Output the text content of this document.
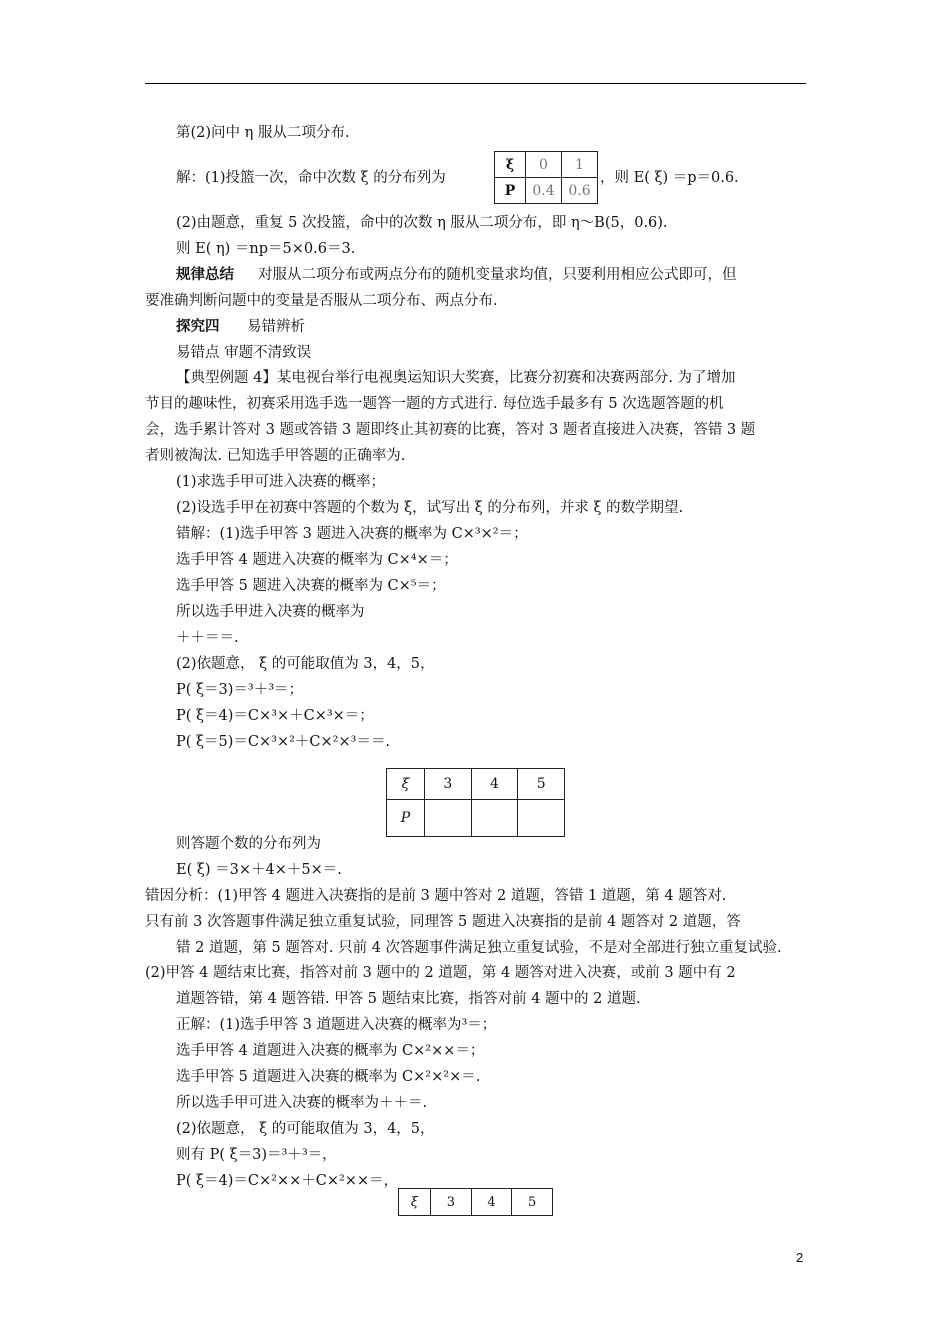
第(2)问中 η 服从二项分布.
解：(1)投篮一次，命中次数 ξ 的分布列为
ξ	0	1
P	0.4	0.6
，则 E( ξ) ＝p＝0.6.
(2)由题意，重复 5 次投篮，命中的次数 η 服从二项分布，即 η～B(5，0.6).
则 E( η) ＝np＝5×0.6＝3.
规律总结 对服从二项分布或两点分布的随机变量求均值，只要利用相应公式即可，但
要准确判断问题中的变量是否服从二项分布、两点分布.
探究四 易错辨析
易错点 审题不清致误
【典型例题 4】某电视台举行电视奥运知识大奖赛，比赛分初赛和决赛两部分. 为了增加
节目的趣味性，初赛采用选手选一题答一题的方式进行. 每位选手最多有 5 次选题答题的机
会，选手累计答对 3 题或答错 3 题即终止其初赛的比赛，答对 3 题者直接进入决赛，答错 3 题
者则被淘汰. 已知选手甲答题的正确率为.
(1)求选手甲可进入决赛的概率；
(2)设选手甲在初赛中答题的个数为 ξ，试写出 ξ 的分布列，并求 ξ 的数学期望.
错解：(1)选手甲答 3 题进入决赛的概率为 C×³×²＝；
选手甲答 4 题进入决赛的概率为 C×⁴×＝；
选手甲答 5 题进入决赛的概率为 C×⁵＝；
所以选手甲进入决赛的概率为
＋＋＝＝.
(2)依题意， ξ 的可能取值为 3，4，5，
P( ξ＝3)＝³＋³＝；
P( ξ＝4)＝C×³×＋C×³×＝；
P( ξ＝5)＝C×³×²＋C×²×³＝＝.
ξ	3	4	5
P			
则答题个数的分布列为
E( ξ) ＝3×＋4×＋5×＝.
错因分析：(1)甲答 4 题进入决赛指的是前 3 题中答对 2 道题，答错 1 道题，第 4 题答对.
只有前 3 次答题事件满足独立重复试验，同理答 5 题进入决赛指的是前 4 题答对 2 道题，答
错 2 道题，第 5 题答对. 只前 4 次答题事件满足独立重复试验，不是对全部进行独立重复试验.
(2)甲答 4 题结束比赛，指答对前 3 题中的 2 道题，第 4 题答对进入决赛，或前 3 题中有 2
道题答错，第 4 题答错. 甲答 5 题结束比赛，指答对前 4 题中的 2 道题.
正解：(1)选手甲答 3 道题进入决赛的概率为³＝；
选手甲答 4 道题进入决赛的概率为 C×²××＝；
选手甲答 5 道题进入决赛的概率为 C×²×²×＝.
所以选手甲可进入决赛的概率为＋＋＝.
(2)依题意， ξ 的可能取值为 3，4，5，
则有 P( ξ＝3)＝³＋³＝，
P( ξ＝4)＝C×²××＋C×²××＝，
ξ	3	4	5
2
